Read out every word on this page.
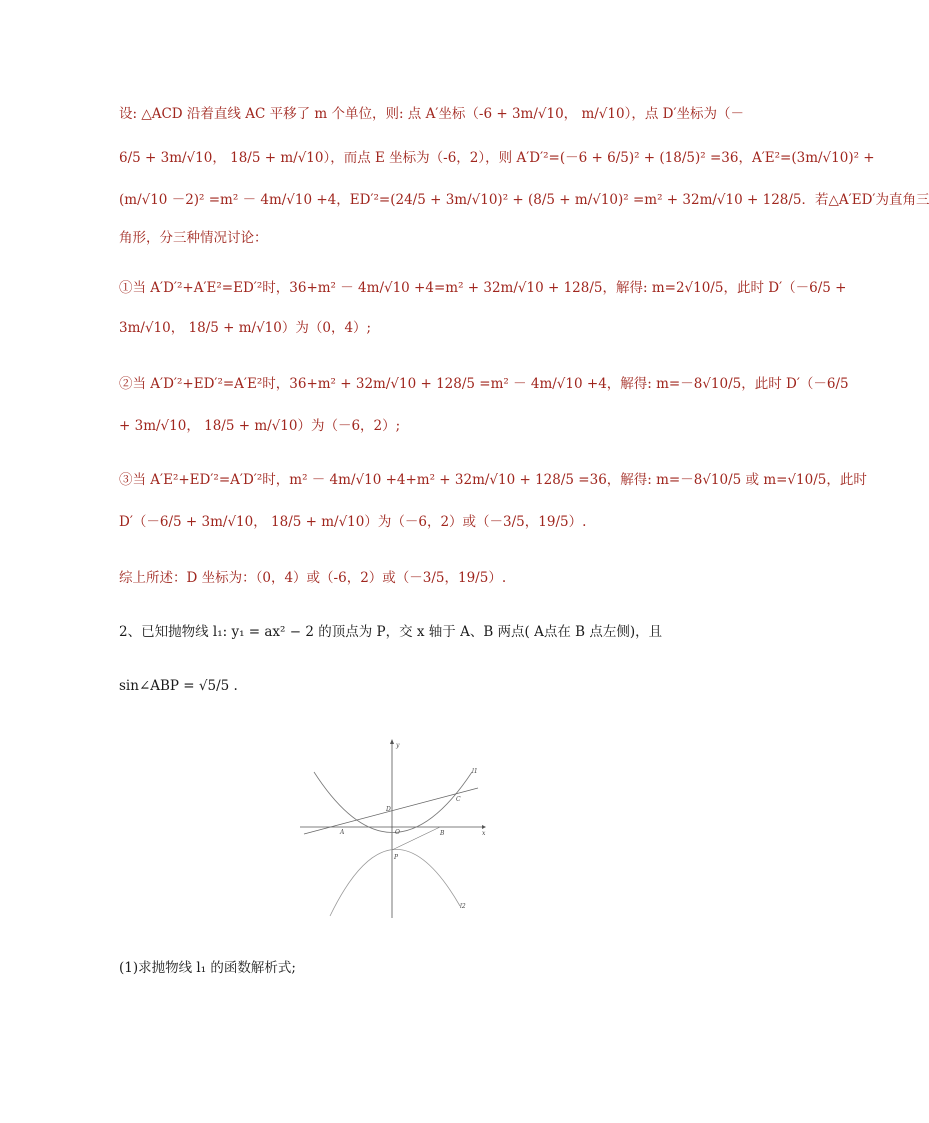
设: △ACD 沿着直线 AC 平移了 m 个单位，则: 点 A′坐标（-6 + 3m/√10， m/√10），点 D′坐标为（－
6/5 + 3m/√10， 18/5 + m/√10），而点 E 坐标为（-6，2），则 A′D′²=(－6 + 6/5)² + (18/5)² =36，A′E²=(3m/√10)² +
(m/√10 －2)² =m² － 4m/√10 +4，ED′²=(24/5 + 3m/√10)² + (8/5 + m/√10)² =m² + 32m/√10 + 128/5．若△A′ED′为直角三
角形，分三种情况讨论：
①当 A′D′²+A′E²=ED′²时，36+m² － 4m/√10 +4=m² + 32m/√10 + 128/5，解得: m=2√10/5，此时 D′（－6/5 +
3m/√10， 18/5 + m/√10）为（0，4）;
②当 A′D′²+ED′²=A′E²时，36+m² + 32m/√10 + 128/5 =m² － 4m/√10 +4，解得: m=－8√10/5，此时 D′（－6/5
+ 3m/√10， 18/5 + m/√10）为（－6，2）;
③当 A′E²+ED′²=A′D′²时，m² － 4m/√10 +4+m² + 32m/√10 + 128/5 =36，解得: m=－8√10/5 或 m=√10/5，此时
D′（－6/5 + 3m/√10， 18/5 + m/√10）为（－6，2）或（－3/5，19/5）.
综上所述：D 坐标为：（0，4）或（-6，2）或（－3/5，19/5）.
2、已知抛物线 l₁: y₁ = ax² − 2 的顶点为 P，交 x 轴于 A、B 两点( A点在 B 点左侧)，且
sin∠ABP = √5/5 .
y
x
O
A	B
C
D
P
l1
l2
(1)求抛物线 l₁ 的函数解析式;
